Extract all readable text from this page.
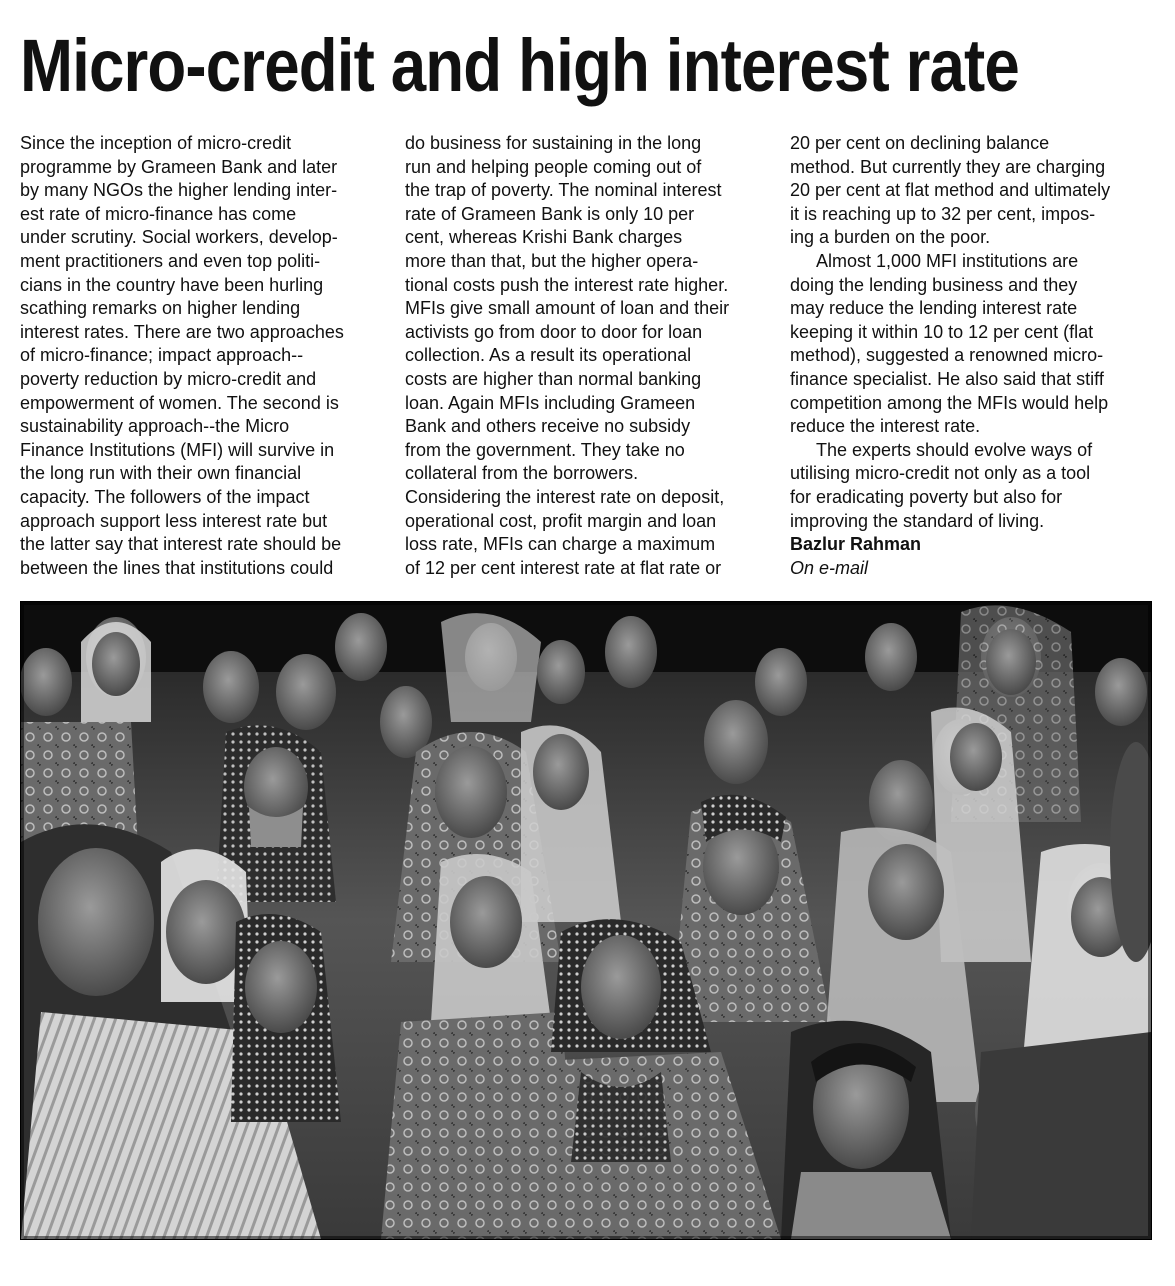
Micro-credit and high interest rate

Since the inception of micro-credit
programme by Grameen Bank and later
by many NGOs the higher lending inter-
est rate of micro-finance has come
under scrutiny. Social workers, develop-
ment practitioners and even top politi-
cians in the country have been hurling
scathing remarks on higher lending
interest rates. There are two approaches
of micro-finance; impact approach--
poverty reduction by micro-credit and
empowerment of women. The second is
sustainability approach--the Micro
Finance Institutions (MFI) will survive in
the long run with their own financial
capacity. The followers of the impact
approach support less interest rate but
the latter say that interest rate should be
between the lines that institutions could

do business for sustaining in the long
run and helping people coming out of
the trap of poverty. The nominal interest
rate of Grameen Bank is only 10 per
cent, whereas Krishi Bank charges
more than that, but the higher opera-
tional costs push the interest rate higher.
MFIs give small amount of loan and their
activists go from door to door for loan
collection. As a result its operational
costs are higher than normal banking
loan. Again MFIs including Grameen
Bank and others receive no subsidy
from the government. They take no
collateral from the borrowers.
Considering the interest rate on deposit,
operational cost, profit margin and loan
loss rate, MFIs can charge a maximum
of 12 per cent interest rate at flat rate or

20 per cent on declining balance
method. But currently they are charging
20 per cent at flat method and ultimately
it is reaching up to 32 per cent, impos-
ing a burden on the poor.

Almost 1,000 MFI institutions are
doing the lending business and they
may reduce the lending interest rate
keeping it within 10 to 12 per cent (flat
method), suggested a renowned micro-
finance specialist. He also said that stiff
competition among the MFIs would help
reduce the interest rate.

The experts should evolve ways of
utilising micro-credit not only as a tool
for eradicating poverty but also for
improving the standard of living.

Bazlur Rahman
On e-mail
